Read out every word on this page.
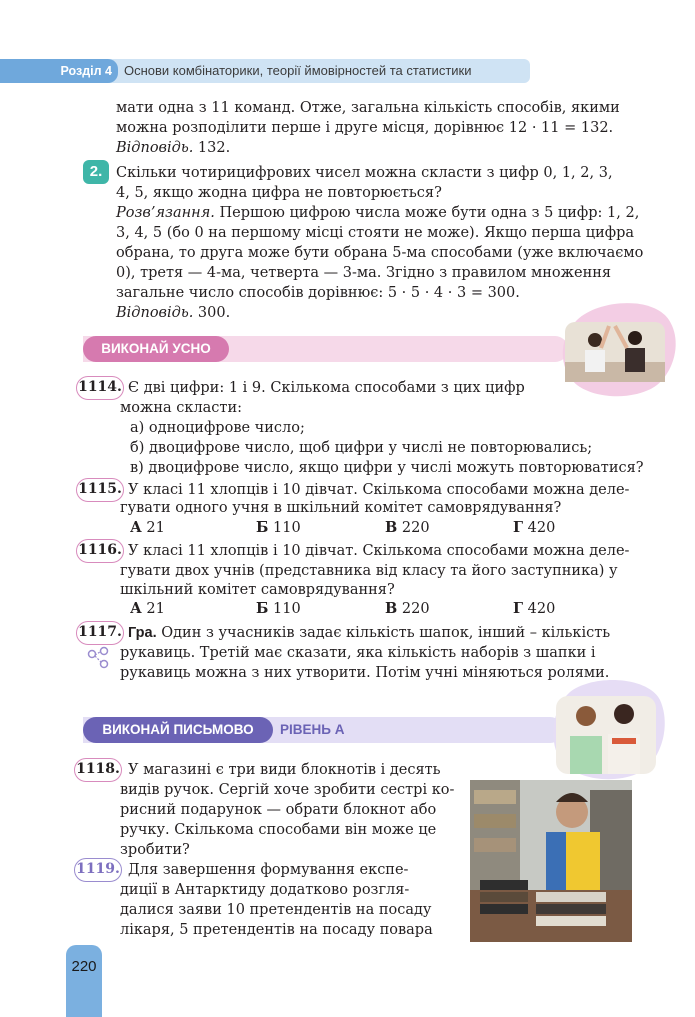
Розділ 4 Основи комбінаторики, теорії ймовірностей та статистики
мати одна з 11 команд. Отже, загальна кількість способів, якими
можна розподілити перше і друге місця, дорівнює 12 · 11 = 132.
Відповідь. 132.
2. Скільки чотирицифрових чисел можна скласти з цифр 0, 1, 2, 3,
4, 5, якщо жодна цифра не повторюється?
Розв’язання. Першою цифрою числа може бути одна з 5 цифр: 1, 2,
3, 4, 5 (бо 0 на першому місці стояти не може). Якщо перша цифра
обрана, то друга може бути обрана 5-ма способами (уже включаємо
0), третя — 4-ма, четверта — 3-ма. Згідно з правилом множення
загальне число способів дорівнює: 5 · 5 · 4 · 3 = 300.
Відповідь. 300.
ВИКОНАЙ УСНО
1114. Є дві цифри: 1 і 9. Скількома способами з цих цифр
можна скласти:
а) одноцифрове число;
б) двоцифрове число, щоб цифри у числі не повторювались;
в) двоцифрове число, якщо цифри у числі можуть повторюватися?
1115. У класі 11 хлопців і 10 дівчат. Скількома способами можна деле-
гувати одного учня в шкільний комітет самоврядування?
А 21	Б 110	В 220	Г 420
1116. У класі 11 хлопців і 10 дівчат. Скількома способами можна деле-
гувати двох учнів (представника від класу та його заступника) у
шкільний комітет самоврядування?
А 21	Б 110	В 220	Г 420
1117. Гра. Один з учасників задає кількість шапок, інший – кількість
рукавиць. Третій має сказати, яка кількість наборів з шапки і
рукавиць можна з них утворити. Потім учні міняються ролями.
ВИКОНАЙ ПИСЬМОВО	РІВЕНЬ А
1118. У магазині є три види блокнотів і десять
видів ручок. Сергій хоче зробити сестрі ко-
рисний подарунок — обрати блокнот або
ручку. Скількома способами він може це
зробити?
1119. Для завершення формування експе-
диції в Антарктиду додатково розгля-
далися заяви 10 претендентів на посаду
лікаря, 5 претендентів на посаду повара
220
